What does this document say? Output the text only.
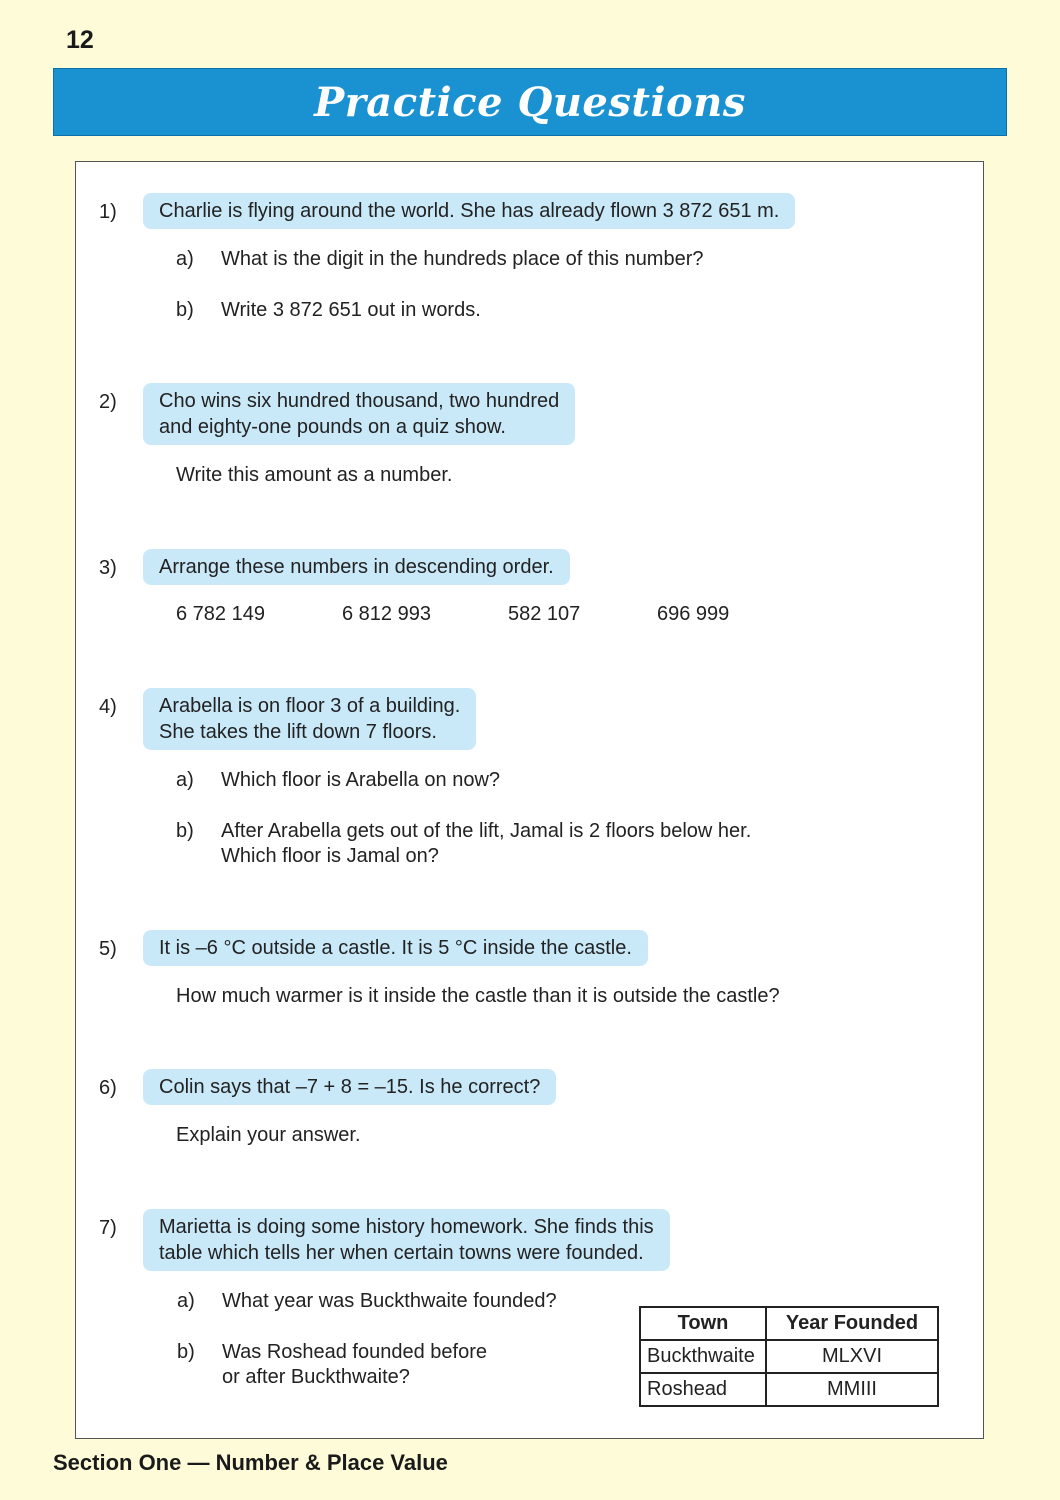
12
Practice Questions
1) Charlie is flying around the world. She has already flown 3 872 651 m.
a) What is the digit in the hundreds place of this number?
b) Write 3 872 651 out in words.
2) Cho wins six hundred thousand, two hundred
and eighty-one pounds on a quiz show.
Write this amount as a number.
3) Arrange these numbers in descending order.
6 782 149	6 812 993	582 107	696 999
4) Arabella is on floor 3 of a building.
She takes the lift down 7 floors.
a) Which floor is Arabella on now?
b) After Arabella gets out of the lift, Jamal is 2 floors below her.
Which floor is Jamal on?
5) It is –6 °C outside a castle. It is 5 °C inside the castle.
How much warmer is it inside the castle than it is outside the castle?
6) Colin says that –7 + 8 = –15. Is he correct?
Explain your answer.
7) Marietta is doing some history homework. She finds this
table which tells her when certain towns were founded.
a) What year was Buckthwaite founded?
b) Was Roshead founded before
or after Buckthwaite?
Town	Year Founded
Buckthwaite	MLXVI
Roshead	MMIII
Section One — Number & Place Value
